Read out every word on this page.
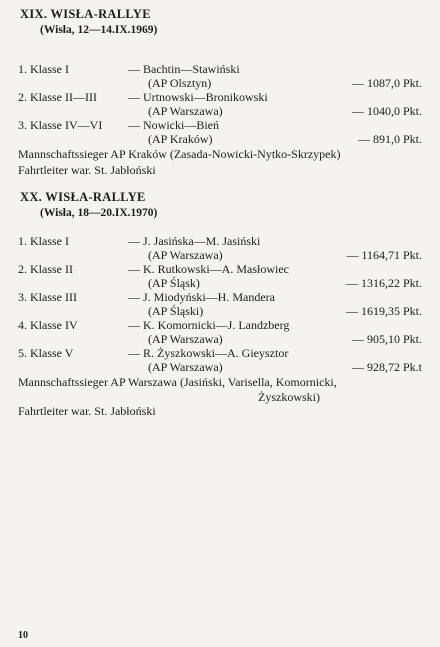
XIX. WISŁA-RALLYE
(Wisła, 12—14.IX.1969)
1. Klasse I	— Bachtin—Stawiński
(AP Olsztyn)	— 1087,0 Pkt.
2. Klasse II—III	— Urtnowski—Bronikowski
(AP Warszawa)	— 1040,0 Pkt.
3. Klasse IV—VI — Nowicki—Bień
(AP Kraków)	— 891,0 Pkt.
Mannschaftssieger AP Kraków (Zasada-Nowicki-Nytko-Skrzypek)
Fahrtleiter war. St. Jabłoński
XX. WISŁA-RALLYE
(Wisła, 18—20.IX.1970)
1. Klasse I	— J. Jasińska—M. Jasiński
(AP Warszawa)	— 1164,71 Pkt.
2. Klasse II	— K. Rutkowski—A. Masłowiec
(AP Śląsk)	— 1316,22 Pkt.
3. Klasse III	— J. Miodyński—H. Mandera
(AP Śląski)	— 1619,35 Pkt.
4. Klasse IV	— K. Komornicki—J. Landzberg
(AP Warszawa)	— 905,10 Pkt.
5. Klasse V	— R. Żyszkowski—A. Gieysztor
(AP Warszawa)	— 928,72 Pk.t
Mannschaftssieger AP Warszawa (Jasiński, Varisella, Komornicki,
Żyszkowski)
Fahrtleiter war. St. Jabłoński
10
